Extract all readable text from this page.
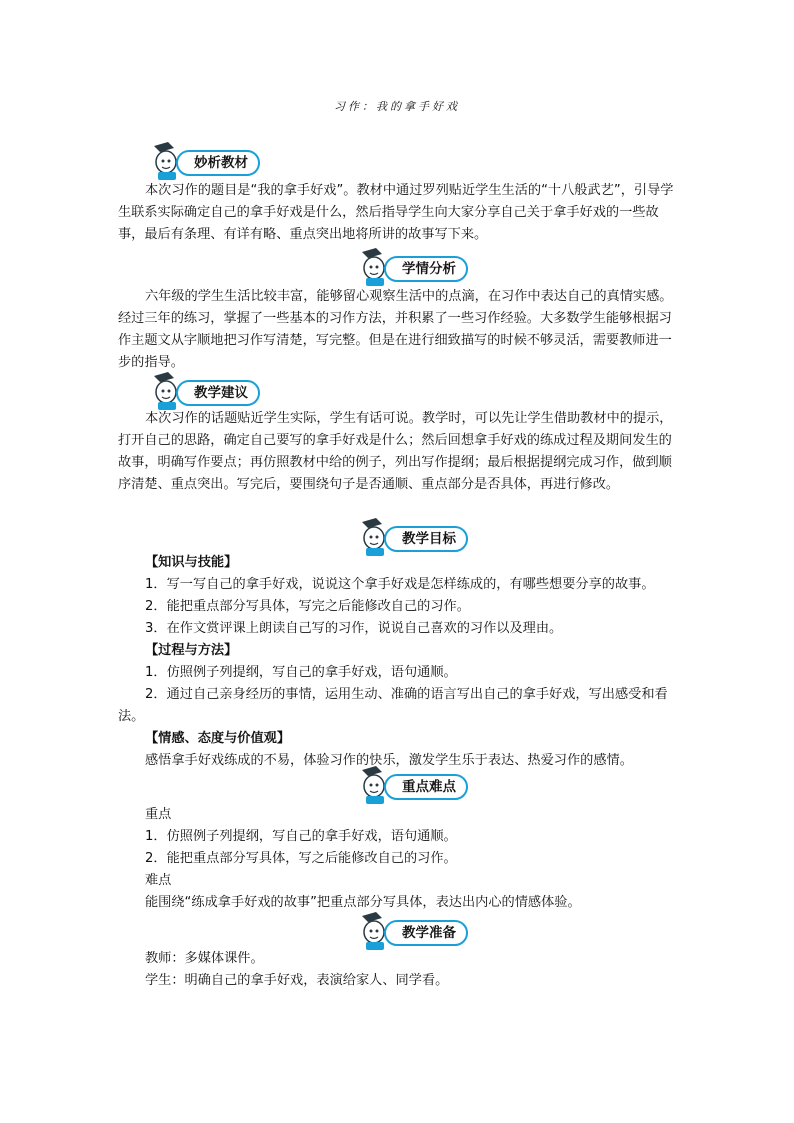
习作：我的拿手好戏
妙析教材

本次习作的题目是“我的拿手好戏”。教材中通过罗列贴近学生生活的“十八般武艺”，引导学生联系实际确定自己的拿手好戏是什么，然后指导学生向大家分享自己关于拿手好戏的一些故事，最后有条理、有详有略、重点突出地将所讲的故事写下来。

学情分析

六年级的学生生活比较丰富，能够留心观察生活中的点滴，在习作中表达自己的真情实感。经过三年的练习，掌握了一些基本的习作方法，并积累了一些习作经验。大多数学生能够根据习作主题文从字顺地把习作写清楚，写完整。但是在进行细致描写的时候不够灵活，需要教师进一步的指导。

教学建议

本次习作的话题贴近学生实际，学生有话可说。教学时，可以先让学生借助教材中的提示，打开自己的思路，确定自己要写的拿手好戏是什么；然后回想拿手好戏的练成过程及期间发生的故事，明确写作要点；再仿照教材中给的例子，列出写作提纲；最后根据提纲完成习作，做到顺序清楚、重点突出。写完后，要围绕句子是否通顺、重点部分是否具体，再进行修改。

教学目标

【知识与技能】

1．写一写自己的拿手好戏，说说这个拿手好戏是怎样练成的，有哪些想要分享的故事。

2．能把重点部分写具体，写完之后能修改自己的习作。

3．在作文赏评课上朗读自己写的习作，说说自己喜欢的习作以及理由。

【过程与方法】

1．仿照例子列提纲，写自己的拿手好戏，语句通顺。

2．通过自己亲身经历的事情，运用生动、准确的语言写出自己的拿手好戏，写出感受和看法。

【情感、态度与价值观】

感悟拿手好戏练成的不易，体验习作的快乐，激发学生乐于表达、热爱习作的感情。

重点难点

重点

1．仿照例子列提纲，写自己的拿手好戏，语句通顺。

2．能把重点部分写具体，写之后能修改自己的习作。

难点

能围绕“练成拿手好戏的故事”把重点部分写具体，表达出内心的情感体验。

教学准备

教师：多媒体课件。

学生：明确自己的拿手好戏，表演给家人、同学看。
